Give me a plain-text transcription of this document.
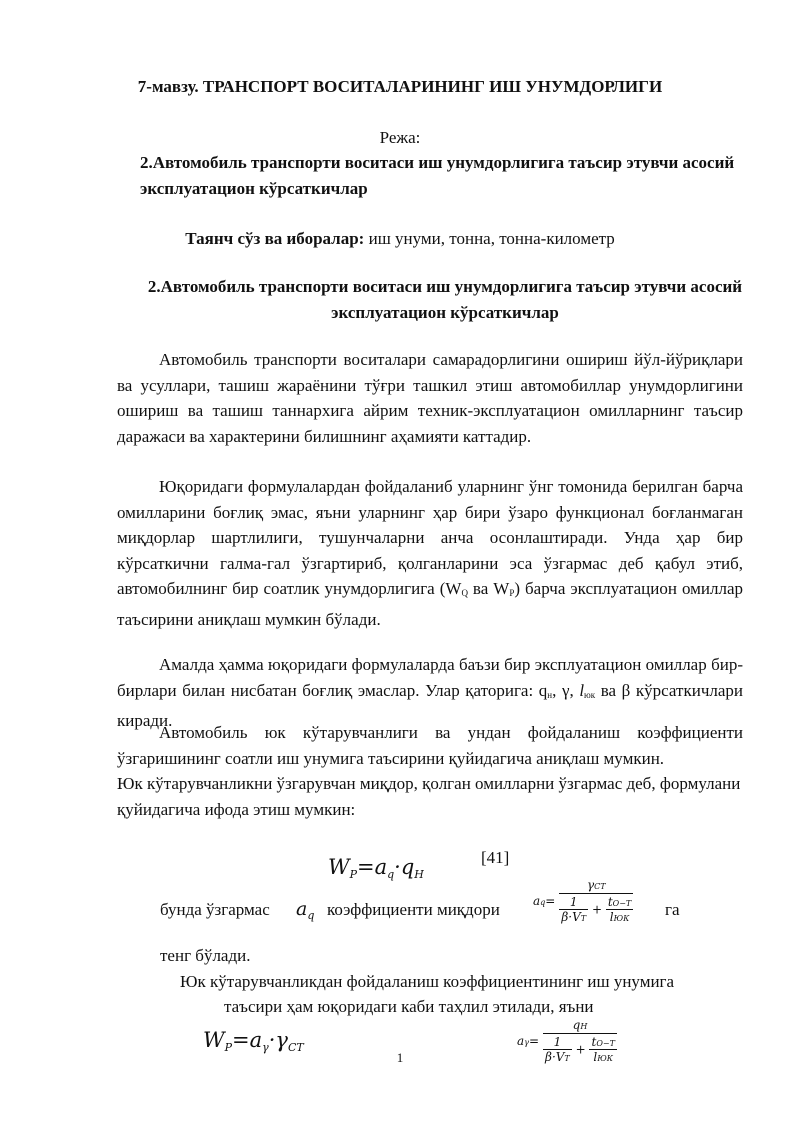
7-мавзу. ТРАНСПОРТ ВОСИТАЛАРИНИНГ ИШ УНУМДОРЛИГИ
Режа:
2.Автомобиль транспорти воситаси иш унумдорлигига таъсир этувчи асосий эксплуатацион кўрсаткичлар
Таянч сўз ва иборалар: иш унуми, тонна, тонна-километр
2.Автомобиль транспорти воситаси иш унумдорлигига таъсир этувчи асосий эксплуатацион кўрсаткичлар

Автомобиль транспорти воситалари самарадорлигини ошириш йўл-йўриқлари ва усуллари, ташиш жараёнини тўғри ташкил этиш автомобиллар унумдорлигини ошириш ва ташиш таннархига айрим техник-эксплуатацион омилларнинг таъсир даражаси ва характерини билишнинг аҳамияти каттадир.

Юқоридаги формулалардан фойдаланиб уларнинг ўнг томонида берилган барча омилларини боғлиқ эмас, яъни уларнинг ҳар бири ўзаро функционал боғланмаган миқдорлар шартлилиги, тушунчаларни анча осонлаштиради. Унда ҳар бир кўрсаткични галма-гал ўзгартириб, қолганларини эса ўзгармас деб қабул этиб, автомобилнинг бир соатлик унумдорлигига (WQ ва WP) барча эксплуатацион омиллар таъсирини аниқлаш мумкин бўлади.

Амалда ҳамма юқоридаги формулаларда баъзи бир эксплуатацион омиллар бир-бирлари билан нисбатан боғлиқ эмаслар. Улар қаторига: qн, γ, lюк ва β кўрсаткичлари киради.

Автомобиль юк кўтарувчанлиги ва ундан фойдаланиш коэффициенти ўзгаришининг соатли иш унумига таъсирини қуйидагича аниқлаш мумкин.

Юк кўтарувчанликни ўзгарувчан миқдор, қолган омилларни ўзгармас деб, формулани қуйидагича ифода этиш мумкин:

$W_P=a_q\cdot q_H$
[41]
бунда ўзгармас $a_q$ коэффициенти миқдори	$aq= \frac{\text{γCT}}{\frac{1}{\beta\cdot VT} + \frac{tO-T}{\text{lЮК}}}$ га
тенг бўлади.
Юк кўтарувчанликдан фойдаланиш коэффициентининг иш унумига
таъсири ҳам юқоридаги каби таҳлил этилади, яъни
$W_P=a_\gamma\cdot\gamma_{CT}$	$a\gamma= \frac{qH}{\frac{1}{\beta\cdot VT} + \frac{tO-T}{\text{lЮК}}}$
1
